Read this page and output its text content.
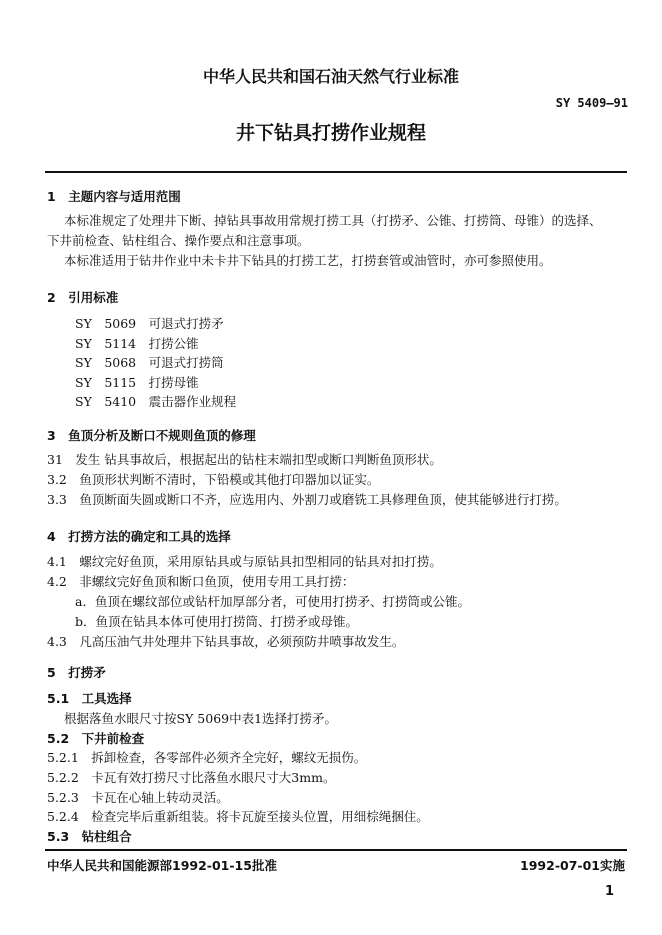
中华人民共和国石油天然气行业标准
SY 5409—91
井下钻具打捞作业规程
1　主题内容与适用范围
本标准规定了处理井下断、掉钻具事故用常规打捞工具（打捞矛、公锥、打捞筒、母锥）的选择、
下井前检查、钻柱组合、操作要点和注意事项。
本标准适用于钻井作业中未卡井下钻具的打捞工艺，打捞套管或油管时，亦可参照使用。
2　引用标准
SY　5069　可退式打捞矛
SY　5114　打捞公锥
SY　5068　可退式打捞筒
SY　5115　打捞母锥
SY　5410　震击器作业规程
3　鱼顶分析及断口不规则鱼顶的修理
31　发生 钻具事故后，根据起出的钻柱末端扣型或断口判断鱼顶形状。
3.2　鱼顶形状判断不清时，下铅模或其他打印器加以证实。
3.3　鱼顶断面失圆或断口不齐，应选用内、外割刀或磨铣工具修理鱼顶，使其能够进行打捞。
4　打捞方法的确定和工具的选择
4.1　螺纹完好鱼顶，采用原钻具或与原钻具扣型相同的钻具对扣打捞。
4.2　非螺纹完好鱼顶和断口鱼顶，使用专用工具打捞：
a．鱼顶在螺纹部位或钻杆加厚部分者，可使用打捞矛、打捞筒或公锥。
b．鱼顶在钻具本体可使用打捞筒、打捞矛或母锥。
4.3　凡高压油气井处理井下钻具事故，必须预防井喷事故发生。
5　打捞矛
5.1　工具选择
根据落鱼水眼尺寸按SY 5069中表1选择打捞矛。
5.2　下井前检查
5.2.1　拆卸检查，各零部件必须齐全完好，螺纹无损伤。
5.2.2　卡瓦有效打捞尺寸比落鱼水眼尺寸大3mm。
5.2.3　卡瓦在心轴上转动灵活。
5.2.4　检查完毕后重新组装。将卡瓦旋至接头位置，用细棕绳捆住。
5.3　钻柱组合
中华人民共和国能源部1992-01-15批准	1992-07-01实施
1
